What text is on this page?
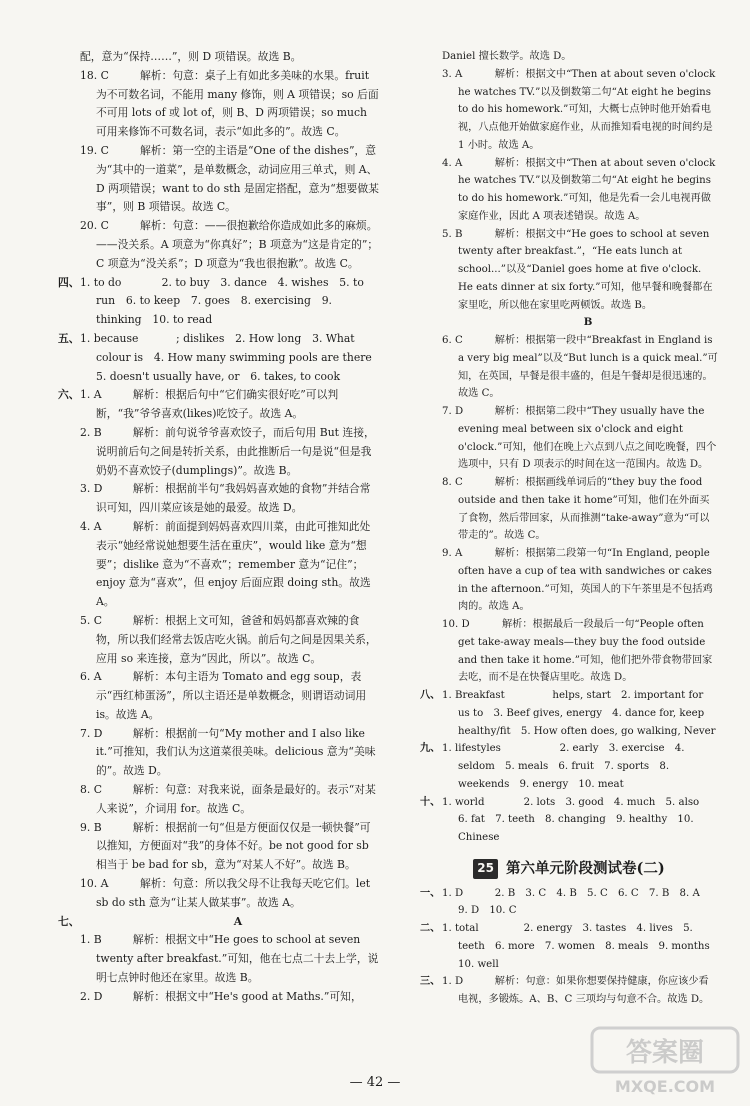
配，意为“保持……”，则 D 项错误。故选 B。
18. C	解析：句意：桌子上有如此多美味的水果。fruit 为不可数名词，不能用 many 修饰，则 A 项错误；so 后面不可用 lots of 或 lot of，则 B、D 两项错误；so much 可用来修饰不可数名词，表示“如此多的”。故选 C。
19. C	解析：第一空的主语是“One of the dishes”，意为“其中的一道菜”，是单数概念，动词应用三单式，则 A、D 两项错误；want to do sth 是固定搭配，意为“想要做某事”，则 B 项错误。故选 C。
20. C	解析：句意：——很抱歉给你造成如此多的麻烦。——没关系。A 项意为“你真好”；B 项意为“这是肯定的”；C 项意为“没关系”；D 项意为“我也很抱歉”。故选 C。
四、 1. to do	2. to buy　3. dance　4. wishes　5. to run　6. to keep　7. goes　8. exercising　9. thinking　10. to read
五、 1. because	; dislikes　2. How long　3. What colour is　4. How many swimming pools are there　5. doesn't usually have, or　6. takes, to cook
六、 1. A	解析：根据后句中“它们确实很好吃”可以判断，“我”爷爷喜欢(likes)吃饺子。故选 A。
2. B	解析：前句说爷爷喜欢饺子，而后句用 But 连接，说明前后句之间是转折关系，由此推断后一句是说“但是我奶奶不喜欢饺子(dumplings)”。故选 B。
3. D	解析：根据前半句“我妈妈喜欢她的食物”并结合常识可知，四川菜应该是她的最爱。故选 D。
4. A	解析：前面提到妈妈喜欢四川菜，由此可推知此处表示“她经常说她想要生活在重庆”，would like 意为“想要”；dislike 意为“不喜欢”；remember 意为“记住”；enjoy 意为“喜欢”，但 enjoy 后面应跟 doing sth。故选 A。
5. C	解析：根据上文可知，爸爸和妈妈都喜欢辣的食物，所以我们经常去饭店吃火锅。前后句之间是因果关系，应用 so 来连接，意为“因此，所以”。故选 C。
6. A	解析：本句主语为 Tomato and egg soup，表示“西红柿蛋汤”，所以主语还是单数概念，则谓语动词用 is。故选 A。
7. D	解析：根据前一句“My mother and I also like it.”可推知，我们认为这道菜很美味。delicious 意为“美味的”。故选 D。
8. C	解析：句意：对我来说，面条是最好的。表示“对某人来说”，介词用 for。故选 C。
9. B	解析：根据前一句“但是方便面仅仅是一顿快餐”可以推知，方便面对“我”的身体不好。be not good for sb 相当于 be bad for sb，意为“对某人不好”。故选 B。
10. A	解析：句意：所以我父母不让我每天吃它们。let sb do sth 意为“让某人做某事”。故选 A。
七、	A
1. B	解析：根据文中“He goes to school at seven twenty after breakfast.”可知，他在七点二十去上学，说明七点钟时他还在家里。故选 B。
2. D	解析：根据文中“He's good at Maths.”可知，
Daniel 擅长数学。故选 D。
3. A	解析：根据文中“Then at about seven o'clock he watches TV.”以及倒数第二句“At eight he begins to do his homework.”可知，大概七点钟时他开始看电视，八点他开始做家庭作业，从而推知看电视的时间约是 1 小时。故选 A。
4. A	解析：根据文中“Then at about seven o'clock he watches TV.”以及倒数第二句“At eight he begins to do his homework.”可知，他是先看一会儿电视再做家庭作业，因此 A 项表述错误。故选 A。
5. B	解析：根据文中“He goes to school at seven twenty after breakfast.”，“He eats lunch at school...”以及“Daniel goes home at five o'clock. He eats dinner at six forty.”可知，他早餐和晚餐都在家里吃，所以他在家里吃两顿饭。故选 B。
B
6. C	解析：根据第一段中“Breakfast in England is a very big meal”以及“But lunch is a quick meal.”可知，在英国，早餐是很丰盛的，但是午餐却是很迅速的。故选 C。
7. D	解析：根据第二段中“They usually have the evening meal between six o'clock and eight o'clock.”可知，他们在晚上六点到八点之间吃晚餐，四个选项中，只有 D 项表示的时间在这一范围内。故选 D。
8. C	解析：根据画线单词后的“they buy the food outside and then take it home”可知，他们在外面买了食物，然后带回家，从而推测“take-away”意为“可以带走的”。故选 C。
9. A	解析：根据第二段第一句“In England, people often have a cup of tea with sandwiches or cakes in the afternoon.”可知，英国人的下午茶里是不包括鸡肉的。故选 A。
10. D	解析：根据最后一段最后一句“People often get take-away meals—they buy the food outside and then take it home.”可知，他们把外带食物带回家去吃，而不是在快餐店里吃。故选 D。
八、 1. Breakfast	helps, start　2. important for us to　3. Beef gives, energy　4. dance for, keep healthy/fit　5. How often does, go walking, Never
九、 1. lifestyles	2. early　3. exercise　4. seldom　5. meals　6. fruit　7. sports　8. weekends　9. energy　10. meat
十、 1. world	2. lots　3. good　4. much　5. also　6. fat　7. teeth　8. changing　9. healthy　10. Chinese
25 第六单元阶段测试卷(二)
一、 1. D	2. B　3. C　4. B　5. C　6. C　7. B　8. A　9. D　10. C
二、 1. total	2. energy　3. tastes　4. lives　5. teeth　6. more　7. women　8. meals　9. months　10. well
三、 1. D	解析：句意：如果你想要保持健康，你应该少看电视，多锻炼。A、B、C 三项均与句意不合。故选 D。
— 42 —
答案圈
MXQE.COM
